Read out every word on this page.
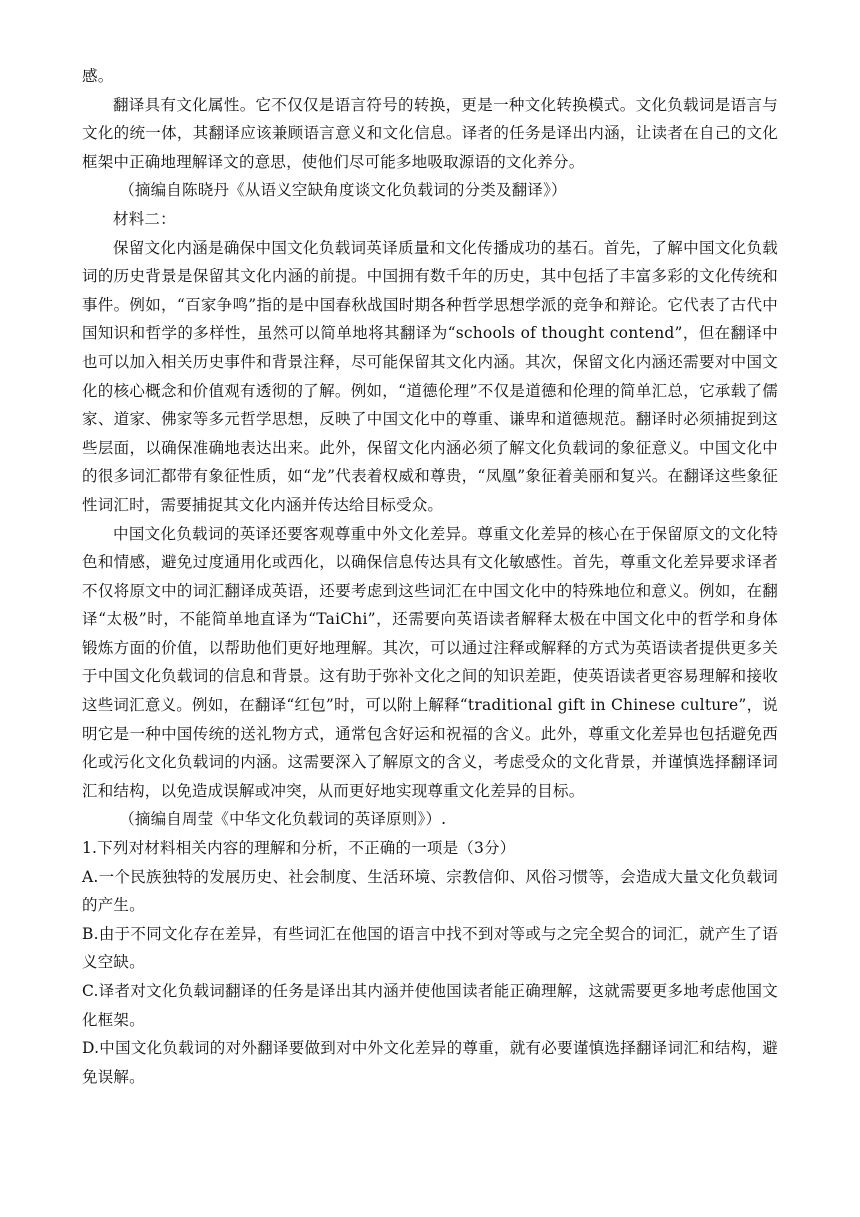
感。

翻译具有文化属性。它不仅仅是语言符号的转换，更是一种文化转换模式。文化负载词是语言与文化的统一体，其翻译应该兼顾语言意义和文化信息。译者的任务是译出内涵，让读者在自己的文化框架中正确地理解译文的意思，使他们尽可能多地吸取源语的文化养分。

（摘编自陈晓丹《从语义空缺角度谈文化负载词的分类及翻译》）

材料二：

保留文化内涵是确保中国文化负载词英译质量和文化传播成功的基石。首先，了解中国文化负载词的历史背景是保留其文化内涵的前提。中国拥有数千年的历史，其中包括了丰富多彩的文化传统和事件。例如，“百家争鸣”指的是中国春秋战国时期各种哲学思想学派的竞争和辩论。它代表了古代中国知识和哲学的多样性，虽然可以简单地将其翻译为“schools of thought contend”，但在翻译中也可以加入相关历史事件和背景注释，尽可能保留其文化内涵。其次，保留文化内涵还需要对中国文化的核心概念和价值观有透彻的了解。例如，“道德伦理”不仅是道德和伦理的简单汇总，它承载了儒家、道家、佛家等多元哲学思想，反映了中国文化中的尊重、谦卑和道德规范。翻译时必须捕捉到这些层面，以确保准确地表达出来。此外，保留文化内涵必须了解文化负载词的象征意义。中国文化中的很多词汇都带有象征性质，如“龙”代表着权威和尊贵，“凤凰”象征着美丽和复兴。在翻译这些象征性词汇时，需要捕捉其文化内涵并传达给目标受众。

中国文化负载词的英译还要客观尊重中外文化差异。尊重文化差异的核心在于保留原文的文化特色和情感，避免过度通用化或西化，以确保信息传达具有文化敏感性。首先，尊重文化差异要求译者不仅将原文中的词汇翻译成英语，还要考虑到这些词汇在中国文化中的特殊地位和意义。例如，在翻译“太极”时，不能简单地直译为“TaiChi”，还需要向英语读者解释太极在中国文化中的哲学和身体锻炼方面的价值，以帮助他们更好地理解。其次，可以通过注释或解释的方式为英语读者提供更多关于中国文化负载词的信息和背景。这有助于弥补文化之间的知识差距，使英语读者更容易理解和接收这些词汇意义。例如，在翻译“红包”时，可以附上解释“traditional gift in Chinese culture”，说明它是一种中国传统的送礼物方式，通常包含好运和祝福的含义。此外，尊重文化差异也包括避免西化或污化文化负载词的内涵。这需要深入了解原文的含义，考虑受众的文化背景，并谨慎选择翻译词汇和结构，以免造成误解或冲突，从而更好地实现尊重文化差异的目标。

（摘编自周莹《中华文化负载词的英译原则》）.

1.下列对材料相关内容的理解和分析，不正确的一项是（3分）

A.一个民族独特的发展历史、社会制度、生活环境、宗教信仰、风俗习惯等，会造成大量文化负载词的产生。

B.由于不同文化存在差异，有些词汇在他国的语言中找不到对等或与之完全契合的词汇，就产生了语义空缺。

C.译者对文化负载词翻译的任务是译出其内涵并使他国读者能正确理解，这就需要更多地考虑他国文化框架。

D.中国文化负载词的对外翻译要做到对中外文化差异的尊重，就有必要谨慎选择翻译词汇和结构，避免误解。
